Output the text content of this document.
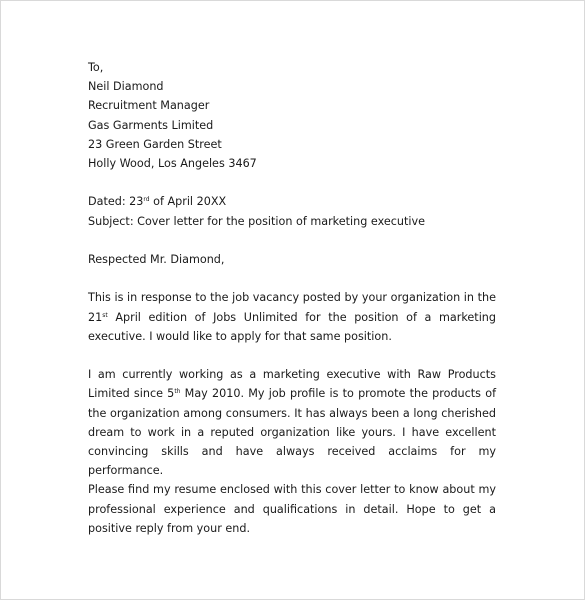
To,
Neil Diamond
Recruitment Manager
Gas Garments Limited
23 Green Garden Street
Holly Wood, Los Angeles 3467
Dated: 23rd of April 20XX
Subject: Cover letter for the position of marketing executive
Respected Mr. Diamond,

This is in response to the job vacancy posted by your organization in the 21st April edition of Jobs Unlimited for the position of a marketing executive. I would like to apply for that same position.

I am currently working as a marketing executive with Raw Products Limited since 5th May 2010. My job profile is to promote the products of the organization among consumers. It has always been a long cherished dream to work in a reputed organization like yours. I have excellent convincing skills and have always received acclaims for my performance.

Please find my resume enclosed with this cover letter to know about my professional experience and qualifications in detail. Hope to get a positive reply from your end.
